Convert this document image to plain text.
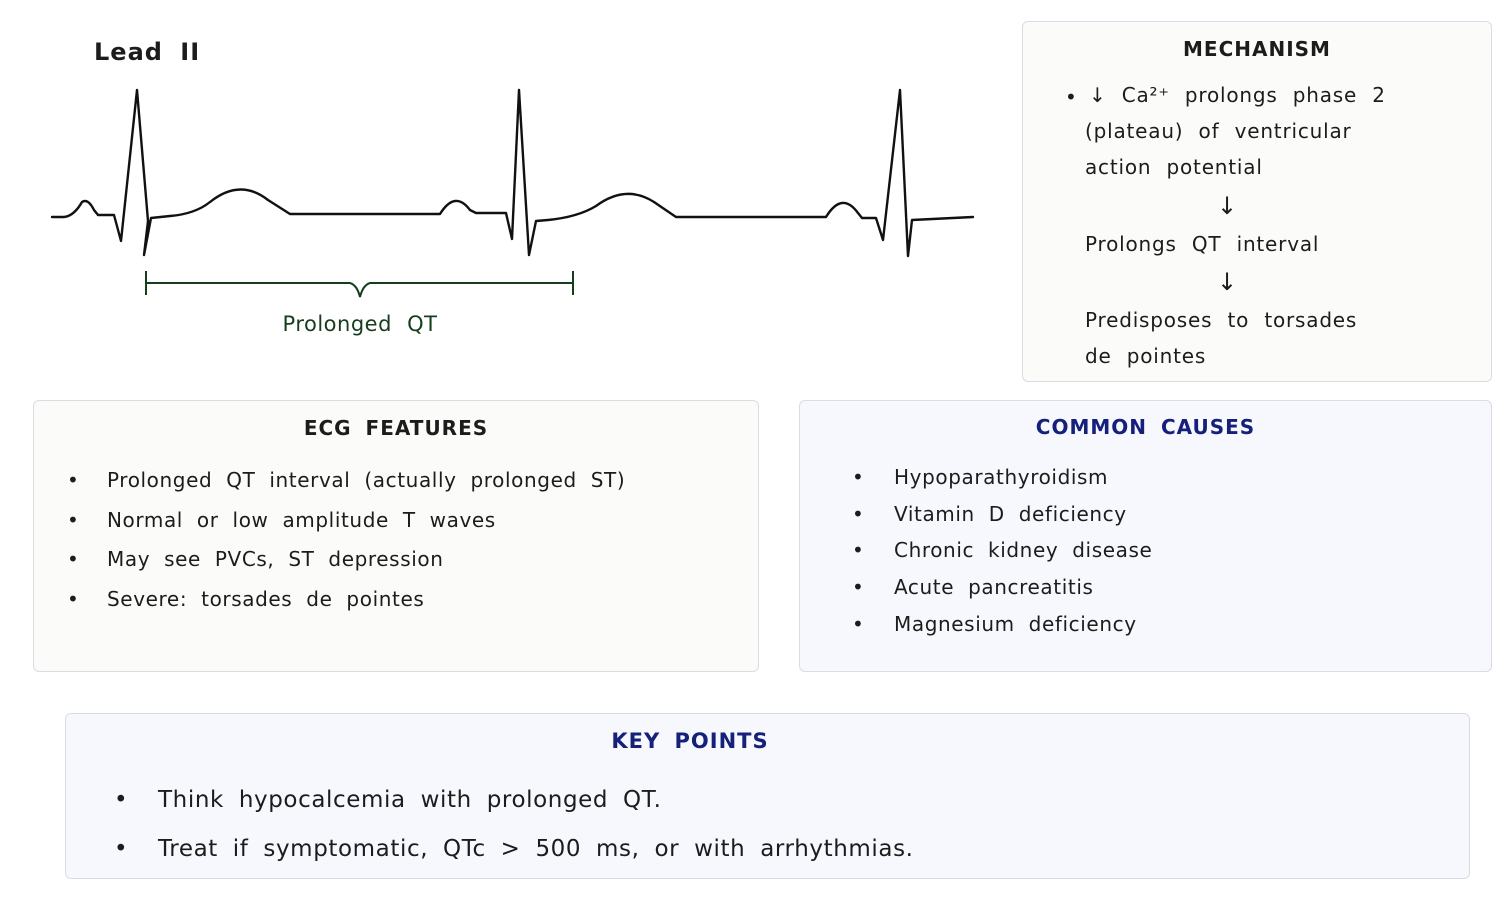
Lead II
Prolonged QT
MECHANISM
• ↓ Ca²⁺ prolongs phase 2
(plateau) of ventricular
action potential
↓
Prolongs QT interval
↓
Predisposes to torsades
de pointes
ECG FEATURES
• Prolonged QT interval (actually prolonged ST)
• Normal or low amplitude T waves
• May see PVCs, ST depression
• Severe: torsades de pointes
COMMON CAUSES
• Hypoparathyroidism
• Vitamin D deficiency
• Chronic kidney disease
• Acute pancreatitis
• Magnesium deficiency
KEY POINTS
• Think hypocalcemia with prolonged QT.
• Treat if symptomatic, QTc > 500 ms, or with arrhythmias.
